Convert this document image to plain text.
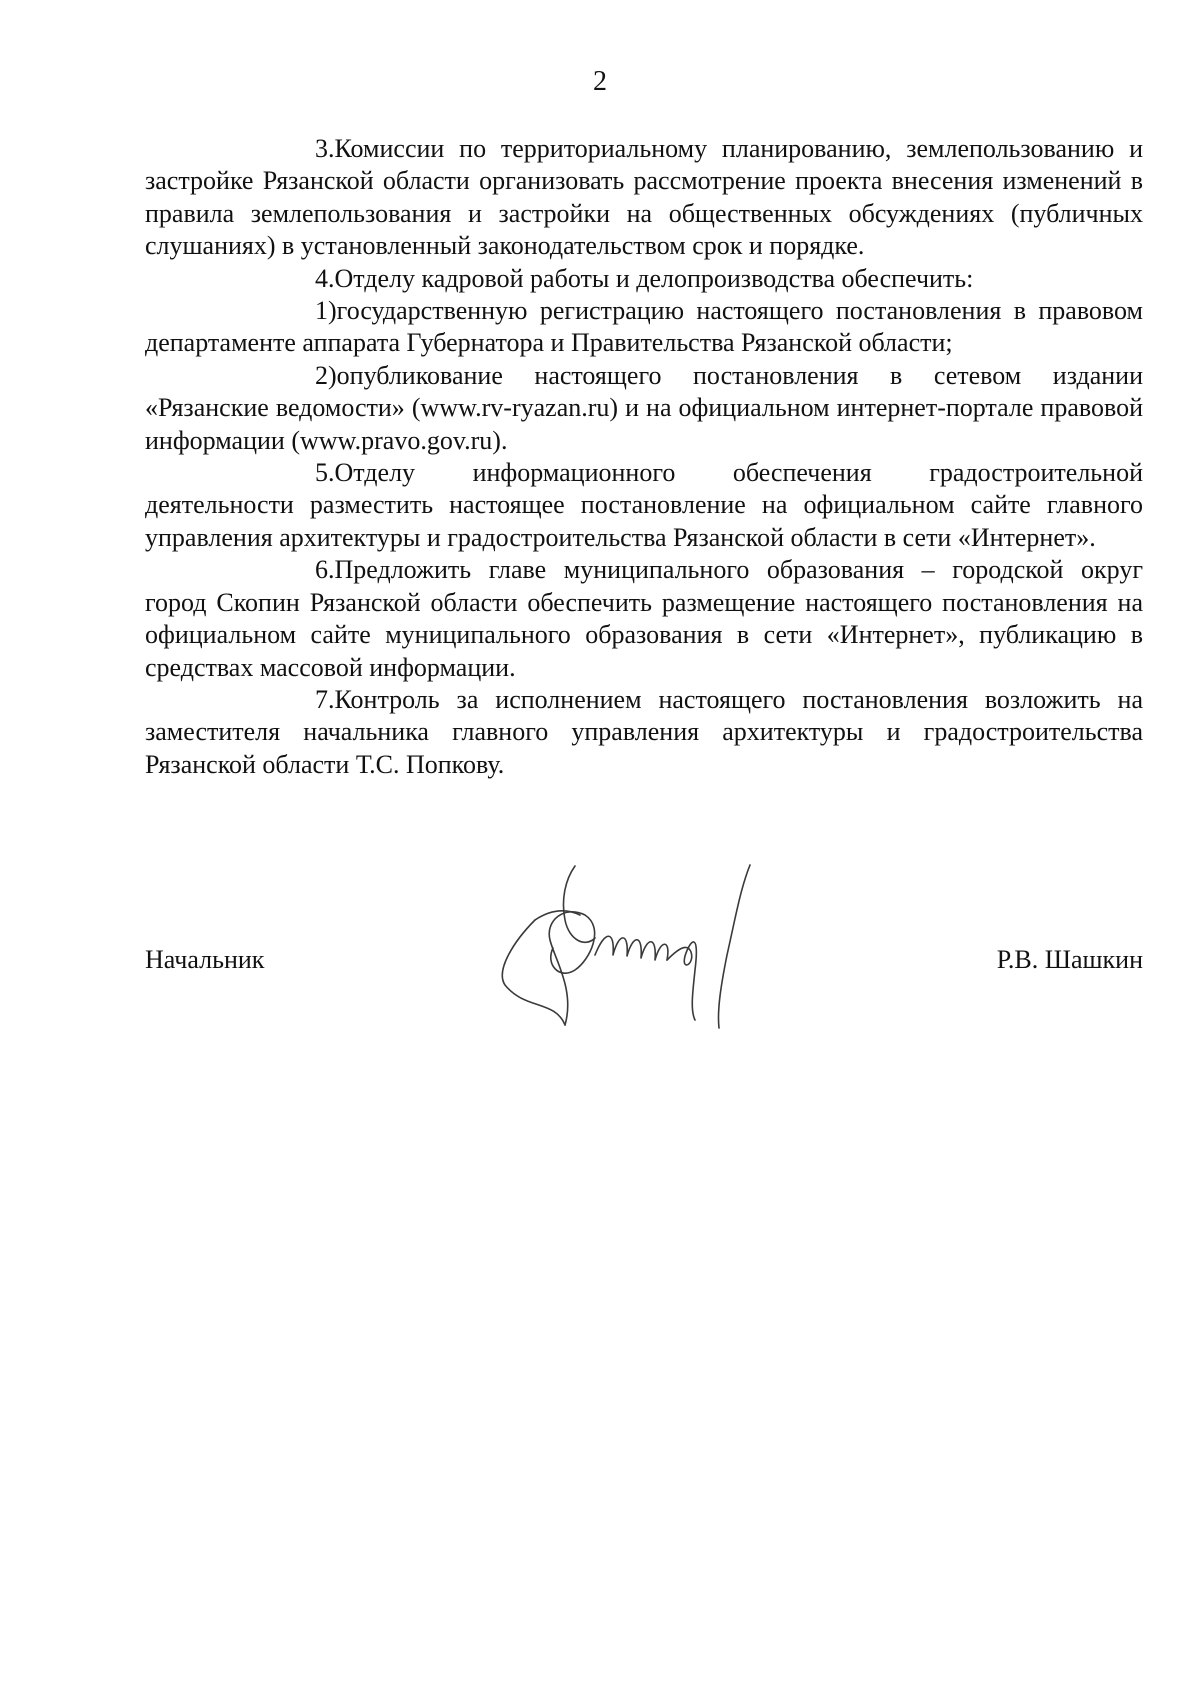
2

3.Комиссии по территориальному планированию, землепользованию и застройке Рязанской области организовать рассмотрение проекта внесения изменений в правила землепользования и застройки на общественных обсуждениях (публичных слушаниях) в установленный законодательством срок и порядке.

4.Отделу кадровой работы и делопроизводства обеспечить:

1)государственную регистрацию настоящего постановления в правовом департаменте аппарата Губернатора и Правительства Рязанской области;

2)опубликование настоящего постановления в сетевом издании «Рязанские ведомости» (www.rv-ryazan.ru) и на официальном интернет-портале правовой информации (www.pravo.gov.ru).

5.Отделу информационного обеспечения градостроительной деятельности разместить настоящее постановление на официальном сайте главного управления архитектуры и градостроительства Рязанской области в сети «Интернет».

6.Предложить главе муниципального образования – городской округ город Скопин Рязанской области обеспечить размещение настоящего постановления на официальном сайте муниципального образования в сети «Интернет», публикацию в средствах массовой информации.

7.Контроль за исполнением настоящего постановления возложить на заместителя начальника главного управления архитектуры и градостроительства Рязанской области Т.С. Попкову.

Начальник	Р.В. Шашкин
